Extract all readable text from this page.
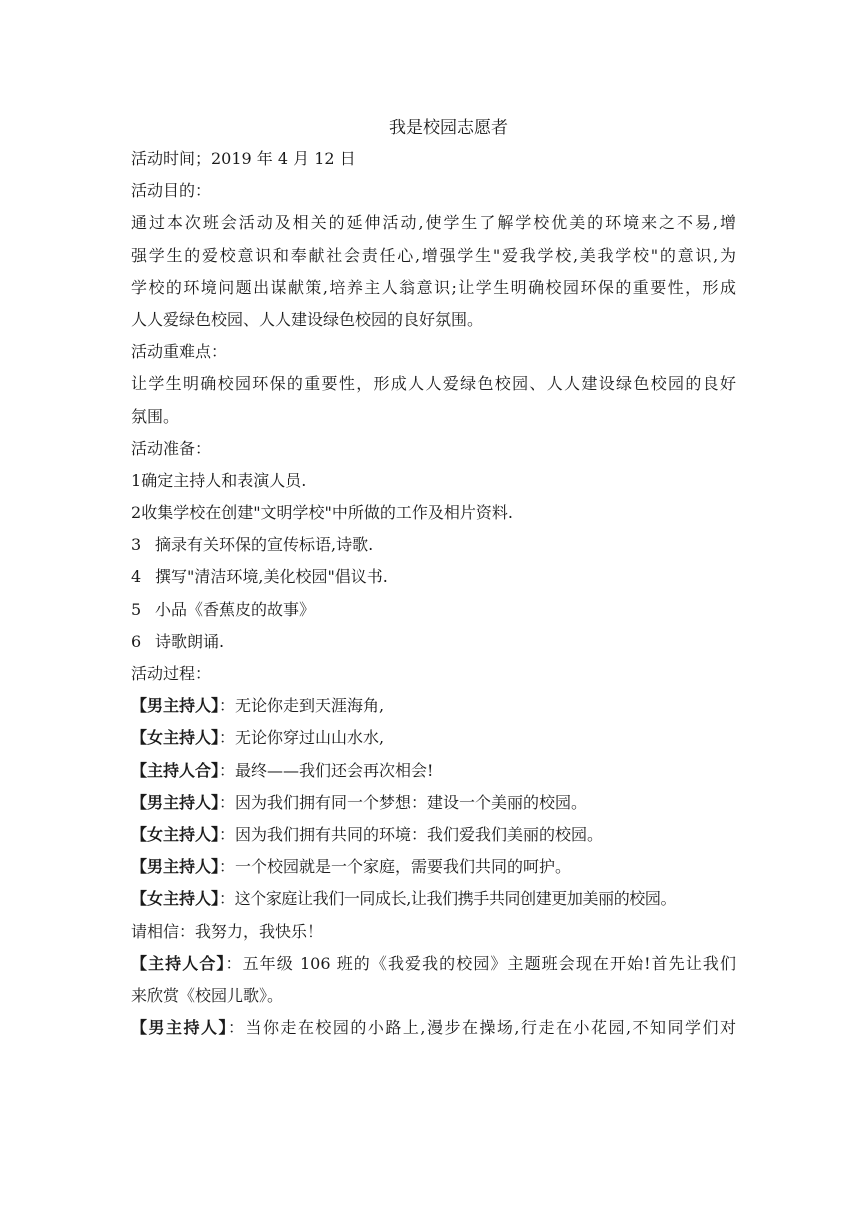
我是校园志愿者
活动时间；2019 年 4 月 12 日
活动目的：
通过本次班会活动及相关的延伸活动,使学生了解学校优美的环境来之不易,增
强学生的爱校意识和奉献社会责任心,增强学生"爱我学校,美我学校"的意识,为
学校的环境问题出谋献策,培养主人翁意识;让学生明确校园环保的重要性，形成
人人爱绿色校园、人人建设绿色校园的良好氛围。
活动重难点：
让学生明确校园环保的重要性，形成人人爱绿色校园、人人建设绿色校园的良好
氛围。
活动准备：
1确定主持人和表演人员.
2收集学校在创建"文明学校"中所做的工作及相片资料.
3 摘录有关环保的宣传标语,诗歌.
4 撰写"清洁环境,美化校园"倡议书.
5 小品《香蕉皮的故事》
6 诗歌朗诵.
活动过程：
【男主持人】：无论你走到天涯海角,
【女主持人】：无论你穿过山山水水,
【主持人合】：最终——我们还会再次相会!
【男主持人】：因为我们拥有同一个梦想：建设一个美丽的校园。
【女主持人】：因为我们拥有共同的环境：我们爱我们美丽的校园。
【男主持人】：一个校园就是一个家庭，需要我们共同的呵护。
【女主持人】：这个家庭让我们一同成长,让我们携手共同创建更加美丽的校园。
请相信：我努力，我快乐！
【主持人合】：五年级 106 班的《我爱我的校园》主题班会现在开始!首先让我们
来欣赏《校园儿歌》。
【男主持人】：当你走在校园的小路上,漫步在操场,行走在小花园,不知同学们对
